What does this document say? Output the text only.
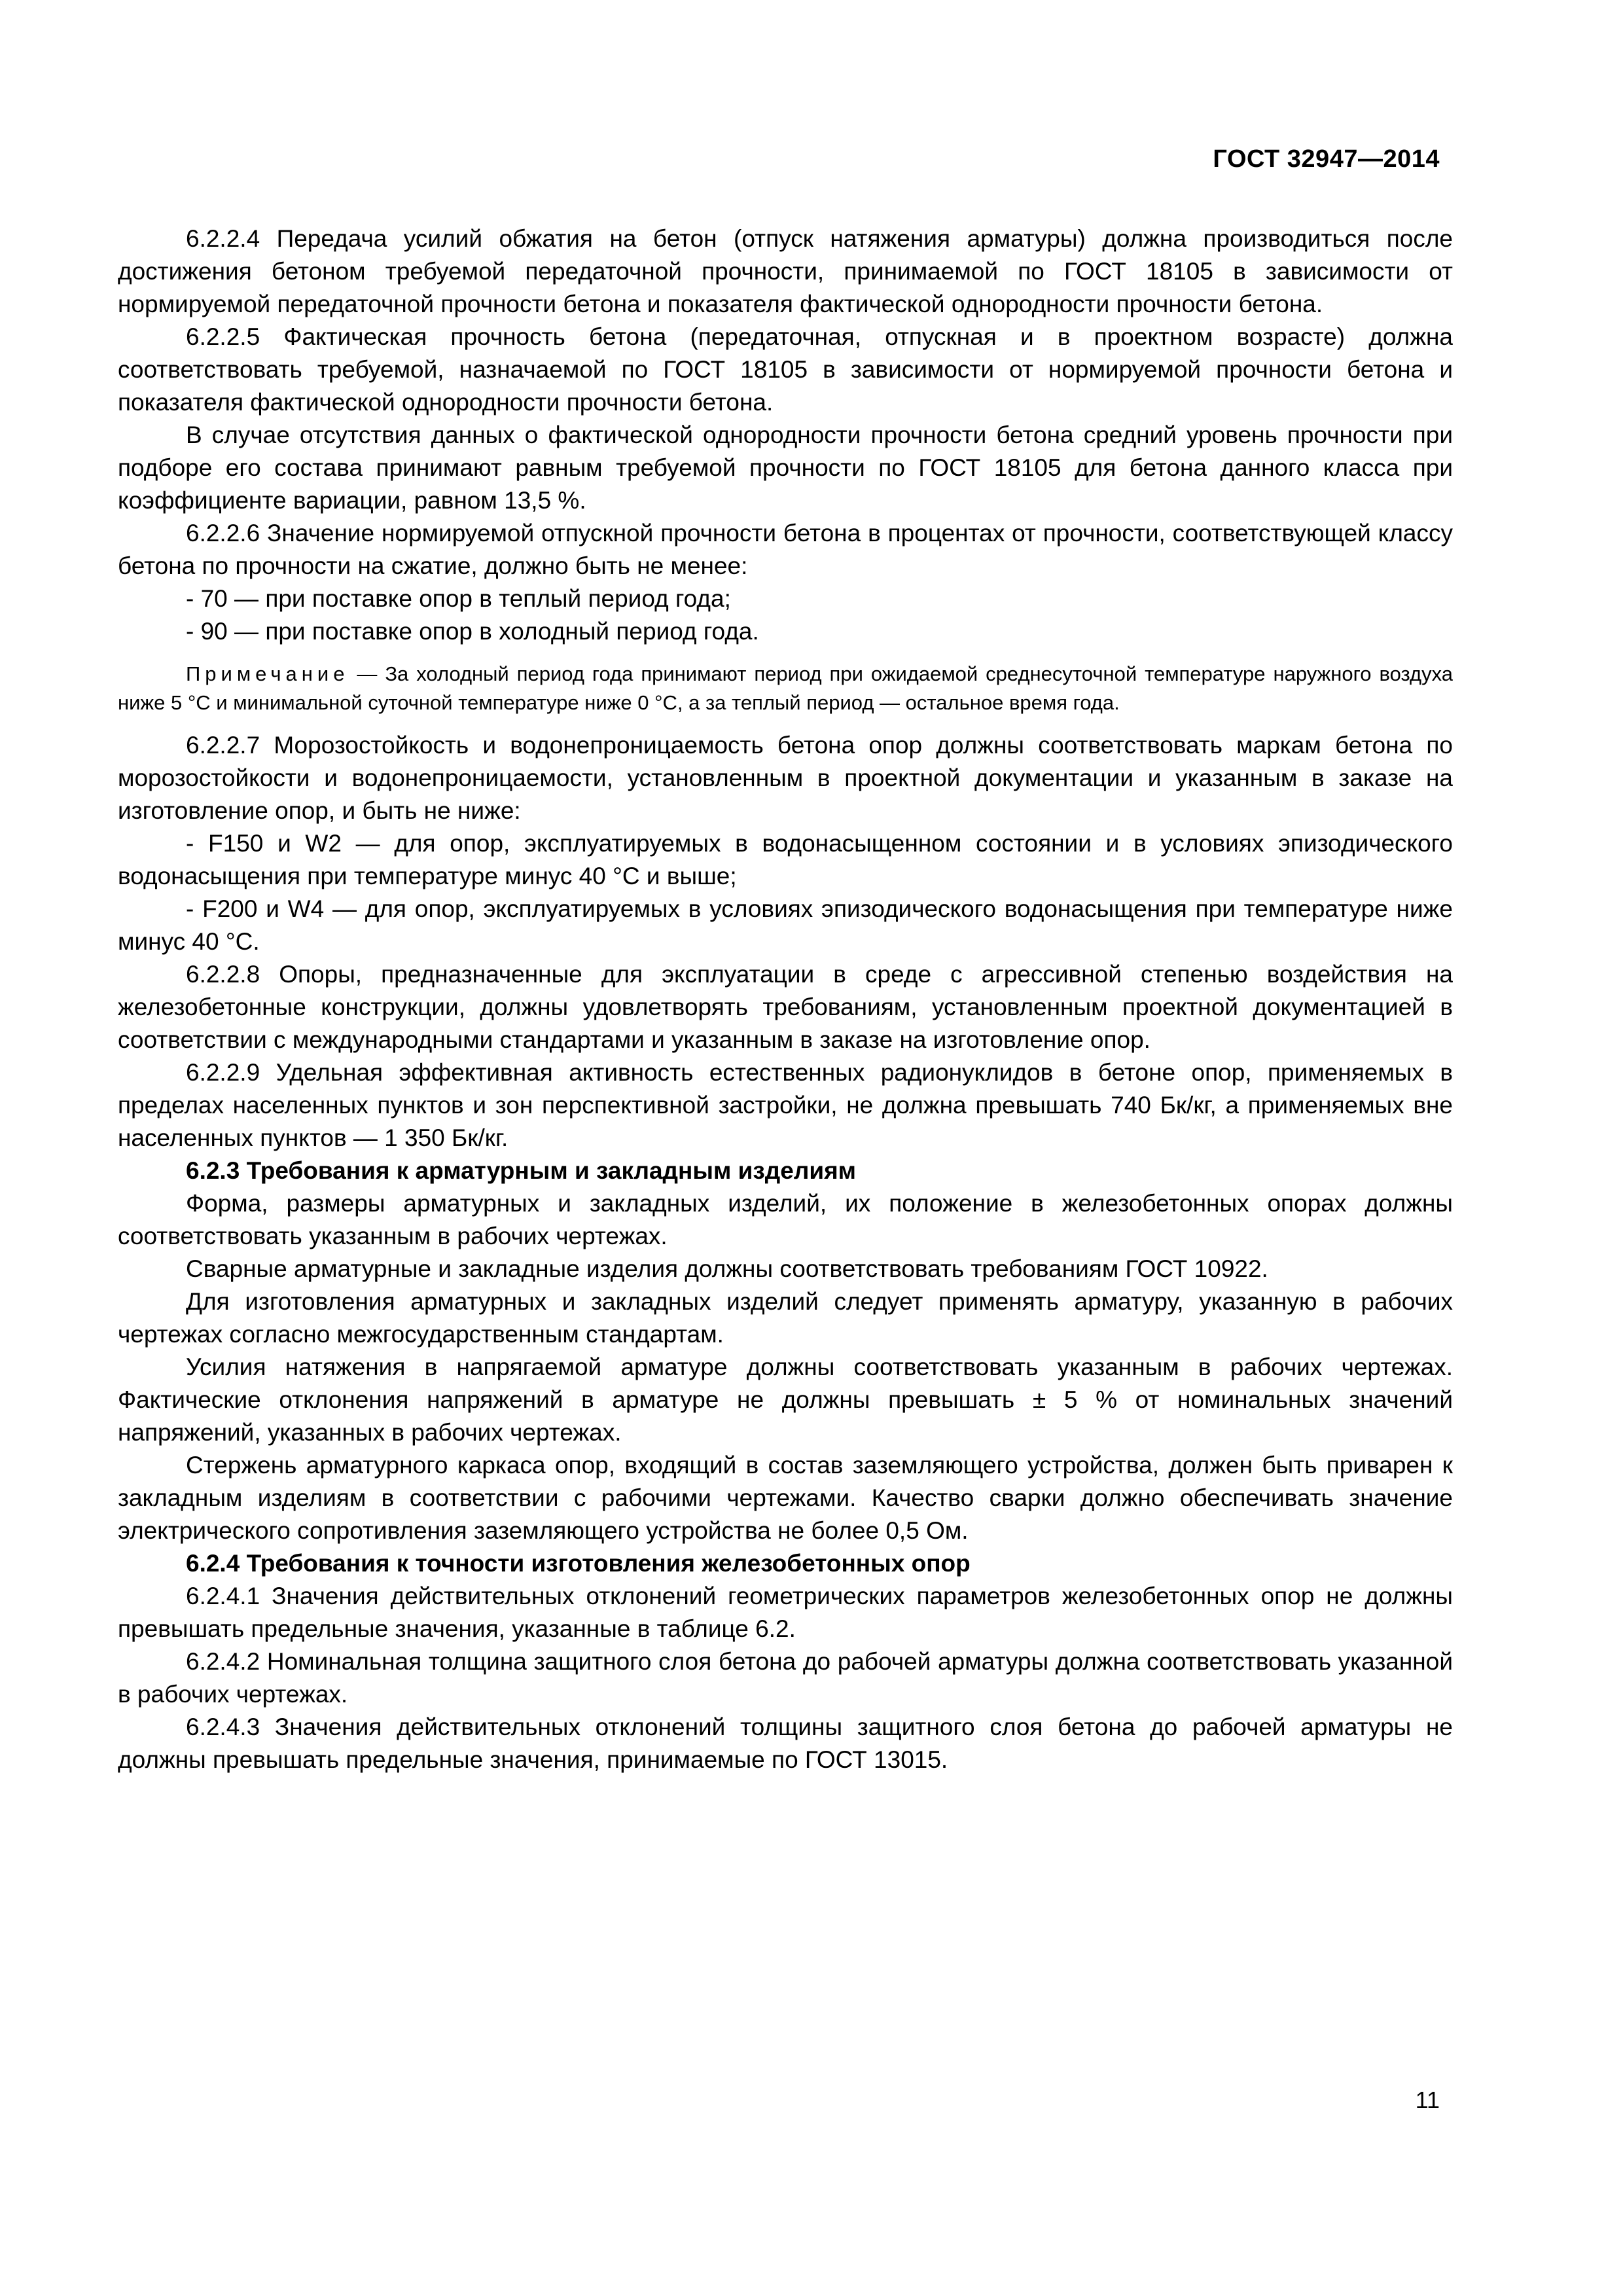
ГОСТ 32947—2014

6.2.2.4 Передача усилий обжатия на бетон (отпуск натяжения арматуры) должна производиться после достижения бетоном требуемой передаточной прочности, принимаемой по ГОСТ 18105 в зависимости от нормируемой передаточной прочности бетона и показателя фактической однородности прочности бетона.

6.2.2.5 Фактическая прочность бетона (передаточная, отпускная и в проектном возрасте) должна соответствовать требуемой, назначаемой по ГОСТ 18105 в зависимости от нормируемой прочности бетона и показателя фактической однородности прочности бетона.

В случае отсутствия данных о фактической однородности прочности бетона средний уровень прочности при подборе его состава принимают равным требуемой прочности по ГОСТ 18105 для бетона данного класса при коэффициенте вариации, равном 13,5 %.

6.2.2.6 Значение нормируемой отпускной прочности бетона в процентах от прочности, соответствующей классу бетона по прочности на сжатие, должно быть не менее:

- 70 — при поставке опор в теплый период года;

- 90 — при поставке опор в холодный период года.

Примечание — За холодный период года принимают период при ожидаемой среднесуточной температуре наружного воздуха ниже 5 °С и минимальной суточной температуре ниже 0 °С, а за теплый период — остальное время года.

6.2.2.7 Морозостойкость и водонепроницаемость бетона опор должны соответствовать маркам бетона по морозостойкости и водонепроницаемости, установленным в проектной документации и указанным в заказе на изготовление опор, и быть не ниже:

- F150 и W2 — для опор, эксплуатируемых в водонасыщенном состоянии и в условиях эпизодического водонасыщения при температуре минус 40 °С и выше;

- F200 и W4 — для опор, эксплуатируемых в условиях эпизодического водонасыщения при температуре ниже минус 40 °С.

6.2.2.8 Опоры, предназначенные для эксплуатации в среде с агрессивной степенью воздействия на железобетонные конструкции, должны удовлетворять требованиям, установленным проектной документацией в соответствии с международными стандартами и указанным в заказе на изготовление опор.

6.2.2.9 Удельная эффективная активность естественных радионуклидов в бетоне опор, применяемых в пределах населенных пунктов и зон перспективной застройки, не должна превышать 740 Бк/кг, а применяемых вне населенных пунктов — 1 350 Бк/кг.

6.2.3 Требования к арматурным и закладным изделиям

Форма, размеры арматурных и закладных изделий, их положение в железобетонных опорах должны соответствовать указанным в рабочих чертежах.

Сварные арматурные и закладные изделия должны соответствовать требованиям ГОСТ 10922.

Для изготовления арматурных и закладных изделий следует применять арматуру, указанную в рабочих чертежах согласно межгосударственным стандартам.

Усилия натяжения в напрягаемой арматуре должны соответствовать указанным в рабочих чертежах. Фактические отклонения напряжений в арматуре не должны превышать ± 5 % от номинальных значений напряжений, указанных в рабочих чертежах.

Стержень арматурного каркаса опор, входящий в состав заземляющего устройства, должен быть приварен к закладным изделиям в соответствии с рабочими чертежами. Качество сварки должно обеспечивать значение электрического сопротивления заземляющего устройства не более 0,5 Ом.

6.2.4 Требования к точности изготовления железобетонных опор

6.2.4.1 Значения действительных отклонений геометрических параметров железобетонных опор не должны превышать предельные значения, указанные в таблице 6.2.

6.2.4.2 Номинальная толщина защитного слоя бетона до рабочей арматуры должна соответствовать указанной в рабочих чертежах.

6.2.4.3 Значения действительных отклонений толщины защитного слоя бетона до рабочей арматуры не должны превышать предельные значения, принимаемые по ГОСТ 13015.

11
